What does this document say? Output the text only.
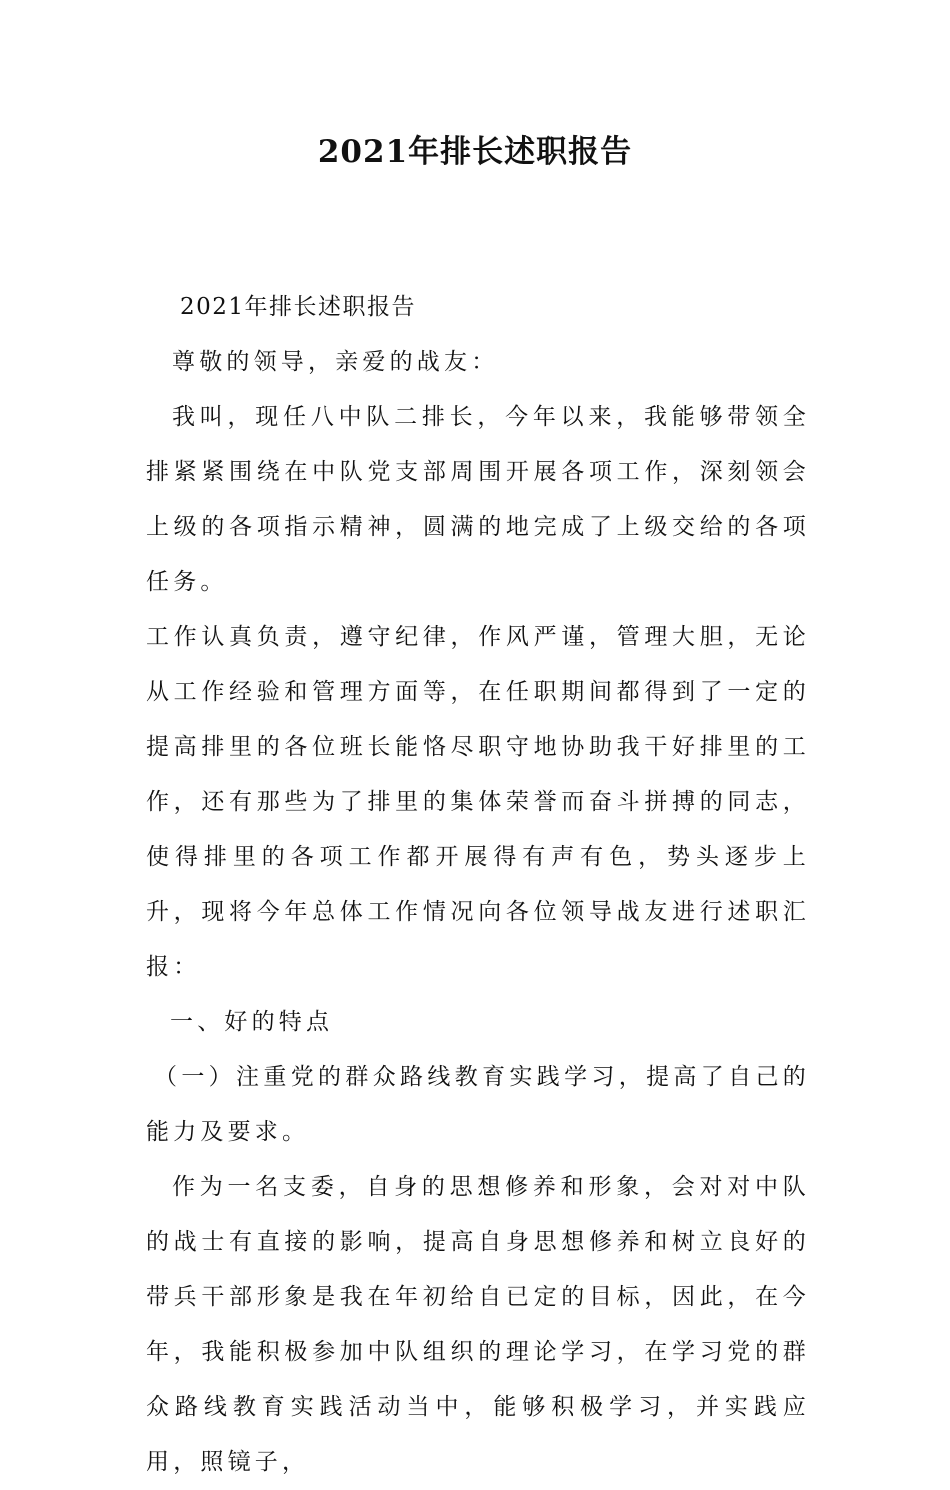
2021年排长述职报告

2021年排长述职报告

尊敬的领导，亲爱的战友：

我叫，现任八中队二排长，今年以来，我能够带领全排紧紧围绕在中队党支部周围开展各项工作，深刻领会上级的各项指示精神，圆满的地完成了上级交给的各项任务。

工作认真负责，遵守纪律，作风严谨，管理大胆，无论从工作经验和管理方面等，在任职期间都得到了一定的提高排里的各位班长能恪尽职守地协助我干好排里的工作，还有那些为了排里的集体荣誉而奋斗拼搏的同志，使得排里的各项工作都开展得有声有色，势头逐步上升，现将今年总体工作情况向各位领导战友进行述职汇报：

一、好的特点

（一）注重党的群众路线教育实践学习，提高了自己的能力及要求。

作为一名支委，自身的思想修养和形象，会对对中队的战士有直接的影响，提高自身思想修养和树立良好的带兵干部形象是我在年初给自已定的目标，因此，在今年，我能积极参加中队组织的理论学习，在学习党的群众路线教育实践活动当中，能够积极学习，并实践应用，照镜子，
